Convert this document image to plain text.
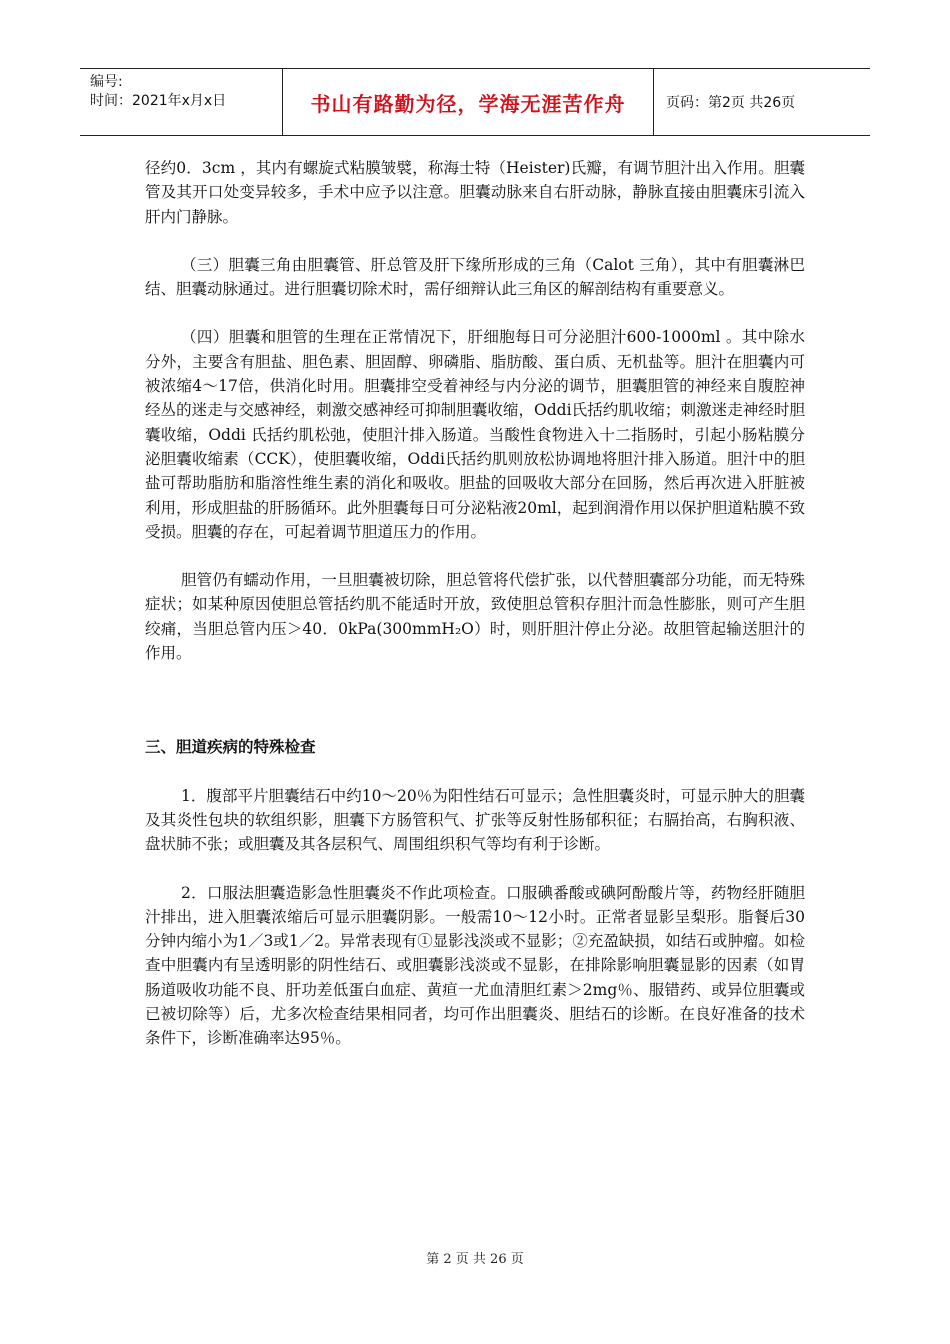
编号:
时间：2021年x月x日	书山有路勤为径，学海无涯苦作舟	页码：第2页 共26页

径约0．3cm ，其内有螺旋式粘膜皱襞，称海士特（Heister)氏瓣，有调节胆汁出入作用。胆囊管及其开口处变异较多，手术中应予以注意。胆囊动脉来自右肝动脉，静脉直接由胆囊床引流入肝内门静脉。

（三）胆囊三角由胆囊管、肝总管及肝下缘所形成的三角（Calot 三角），其中有胆囊淋巴结、胆囊动脉通过。进行胆囊切除术时，需仔细辩认此三角区的解剖结构有重要意义。

（四）胆囊和胆管的生理在正常情况下，肝细胞每日可分泌胆汁600-1000ml 。其中除水分外，主要含有胆盐、胆色素、胆固醇、卵磷脂、脂肪酸、蛋白质、无机盐等。胆汁在胆囊内可被浓缩4～17倍，供消化时用。胆囊排空受着神经与内分泌的调节，胆囊胆管的神经来自腹腔神经丛的迷走与交感神经，刺激交感神经可抑制胆囊收缩，Oddi氏括约肌收缩；刺激迷走神经时胆囊收缩，Oddi 氏括约肌松弛，使胆汁排入肠道。当酸性食物进入十二指肠时，引起小肠粘膜分泌胆囊收缩素（CCK），使胆囊收缩，Oddi氏括约肌则放松协调地将胆汁排入肠道。胆汁中的胆盐可帮助脂肪和脂溶性维生素的消化和吸收。胆盐的回吸收大部分在回肠，然后再次进入肝脏被利用，形成胆盐的肝肠循环。此外胆囊每日可分泌粘液20ml，起到润滑作用以保护胆道粘膜不致受损。胆囊的存在，可起着调节胆道压力的作用。

胆管仍有蠕动作用，一旦胆囊被切除，胆总管将代偿扩张，以代替胆囊部分功能，而无特殊症状；如某种原因使胆总管括约肌不能适时开放，致使胆总管积存胆汁而急性膨胀，则可产生胆绞痛，当胆总管内压＞40．0kPa(300mmH₂O）时，则肝胆汁停止分泌。故胆管起输送胆汁的作用。

三、胆道疾病的特殊检查

1．腹部平片胆囊结石中约10～20％为阳性结石可显示；急性胆囊炎时，可显示肿大的胆囊及其炎性包块的软组织影，胆囊下方肠管积气、扩张等反射性肠郁积征；右膈抬高，右胸积液、盘状肺不张；或胆囊及其各层积气、周围组织积气等均有利于诊断。

2．口服法胆囊造影急性胆囊炎不作此项检查。口服碘番酸或碘阿酚酸片等，药物经肝随胆汁排出，进入胆囊浓缩后可显示胆囊阴影。一般需10～12小时。正常者显影呈梨形。脂餐后30分钟内缩小为1／3或1／2。异常表现有①显影浅淡或不显影；②充盈缺损，如结石或肿瘤。如检查中胆囊内有呈透明影的阴性结石、或胆囊影浅淡或不显影，在排除影响胆囊显影的因素（如胃肠道吸收功能不良、肝功差低蛋白血症、黄疸一尤血清胆红素＞2mg％、服错药、或异位胆囊或已被切除等）后，尤多次检查结果相同者，均可作出胆囊炎、胆结石的诊断。在良好准备的技术条件下，诊断准确率达95％。

第 2 页 共 26 页
